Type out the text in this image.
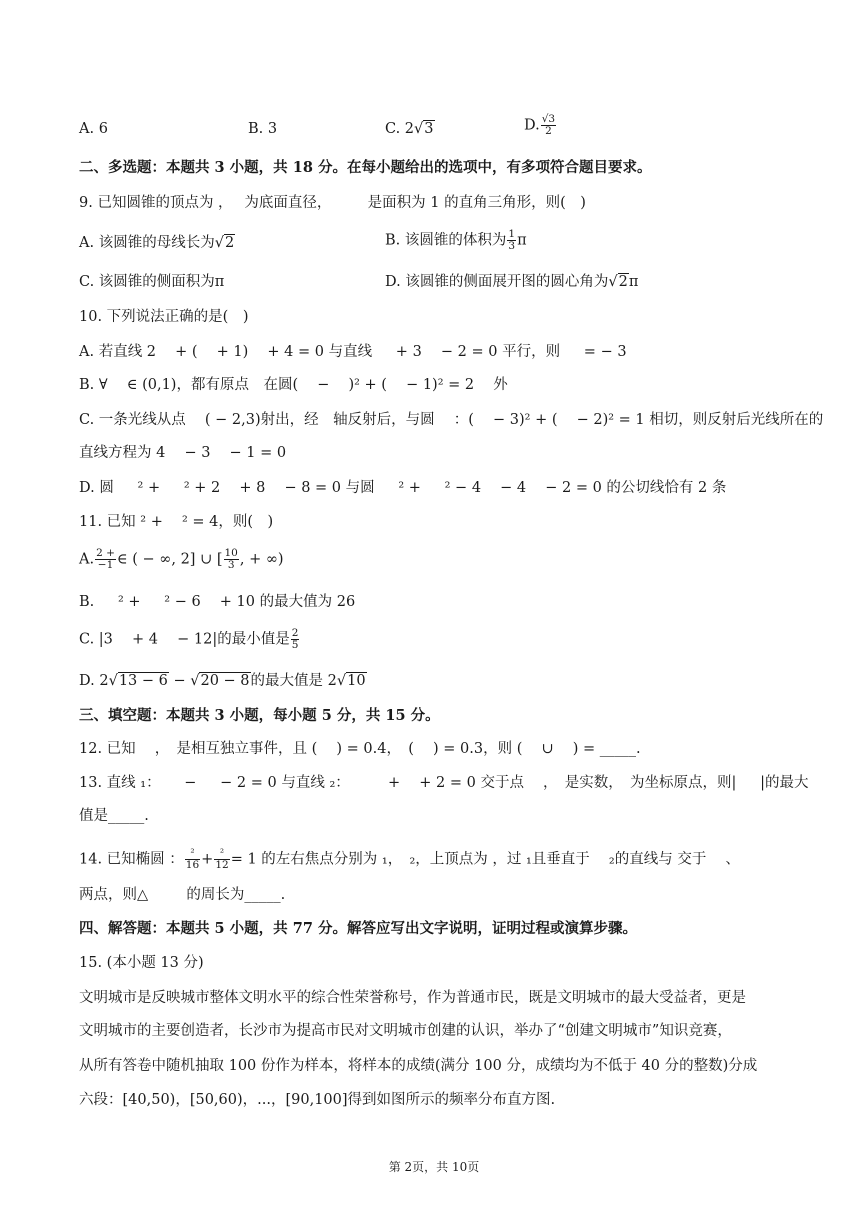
A. 6	B. 3	C. 2√3	D. $\frac{√3}{2}$
二、多选题：本题共 3 小题，共 18 分。在每小题给出的选项中，有多项符合题目要求。
9. 已知圆锥的顶点为 ，　 为底面直径，　　　是面积为 1 的直角三角形，则(　)
A. 该圆锥的母线长为√2	B. 该圆锥的体积为 $\frac{1}{3}$ π
C. 该圆锥的侧面积为π	D. 该圆锥的侧面展开图的圆心角为√2π
10. 下列说法正确的是(　)
A. 若直线 2 　+ ( 　+ 1) 　+ 4 = 0 与直线 　 + 3 　− 2 = 0 平行，则 　 = − 3
B. ∀ 　∈ (0,1)，都有原点　在圆( 　− 　)² + ( 　− 1)² = 2 　外
C. 一条光线从点 　( − 2,3)射出，经　轴反射后，与圆 　：( 　− 3)² + ( 　− 2)² = 1 相切，则反射后光线所在的
直线方程为 4 　− 3 　− 1 = 0
D. 圆 　 ² + 　 ² + 2 　+ 8 　− 8 = 0 与圆 　 ² + 　 ² − 4 　− 4 　− 2 = 0 的公切线恰有 2 条
11. 已知 ² + 　² = 4，则(　)
A. $\frac{2 +}{-1}$ ∈ ( − ∞, 2] ∪ [ $\frac{10}{3}$ , + ∞)
B. 　 ² + 　 ² − 6 　+ 10 的最大值为 26
C. |3 　+ 4 　− 12|的最小值是 $\frac{2}{5}$
D. 2√13 − 6 − √20 − 8的最大值是 2√10
三、填空题：本题共 3 小题，每小题 5 分，共 15 分。
12. 已知 　，　是相互独立事件，且 ( 　) = 0.4，　( 　) = 0.3，则 ( 　∪ 　) = _____.
13. 直线 ₁： 　 − 　 − 2 = 0 与直线 ₂： 　 　+ 　+ 2 = 0 交于点 　，　是实数，　为坐标原点，则| 　 |的最大
值是_____.
14. 已知椭圆 ： $\frac{\text{²}}{16} + \frac{\text{²}}{12} = 1$ 的左右焦点分别为 ₁，　₂，上顶点为 ，过 ₁且垂直于 　₂的直线与 交于 　、
两点，则△ 　 　的周长为_____.
四、解答题：本题共 5 小题，共 77 分。解答应写出文字说明，证明过程或演算步骤。
15. (本小题 13 分)
文明城市是反映城市整体文明水平的综合性荣誉称号，作为普通市民，既是文明城市的最大受益者，更是
文明城市的主要创造者，长沙市为提高市民对文明城市创建的认识，举办了“创建文明城市”知识竞赛，
从所有答卷中随机抽取 100 份作为样本，将样本的成绩(满分 100 分，成绩均为不低于 40 分的整数)分成
六段：[40,50)，[50,60)，...，[90,100]得到如图所示的频率分布直方图.
第 2页，共 10页
